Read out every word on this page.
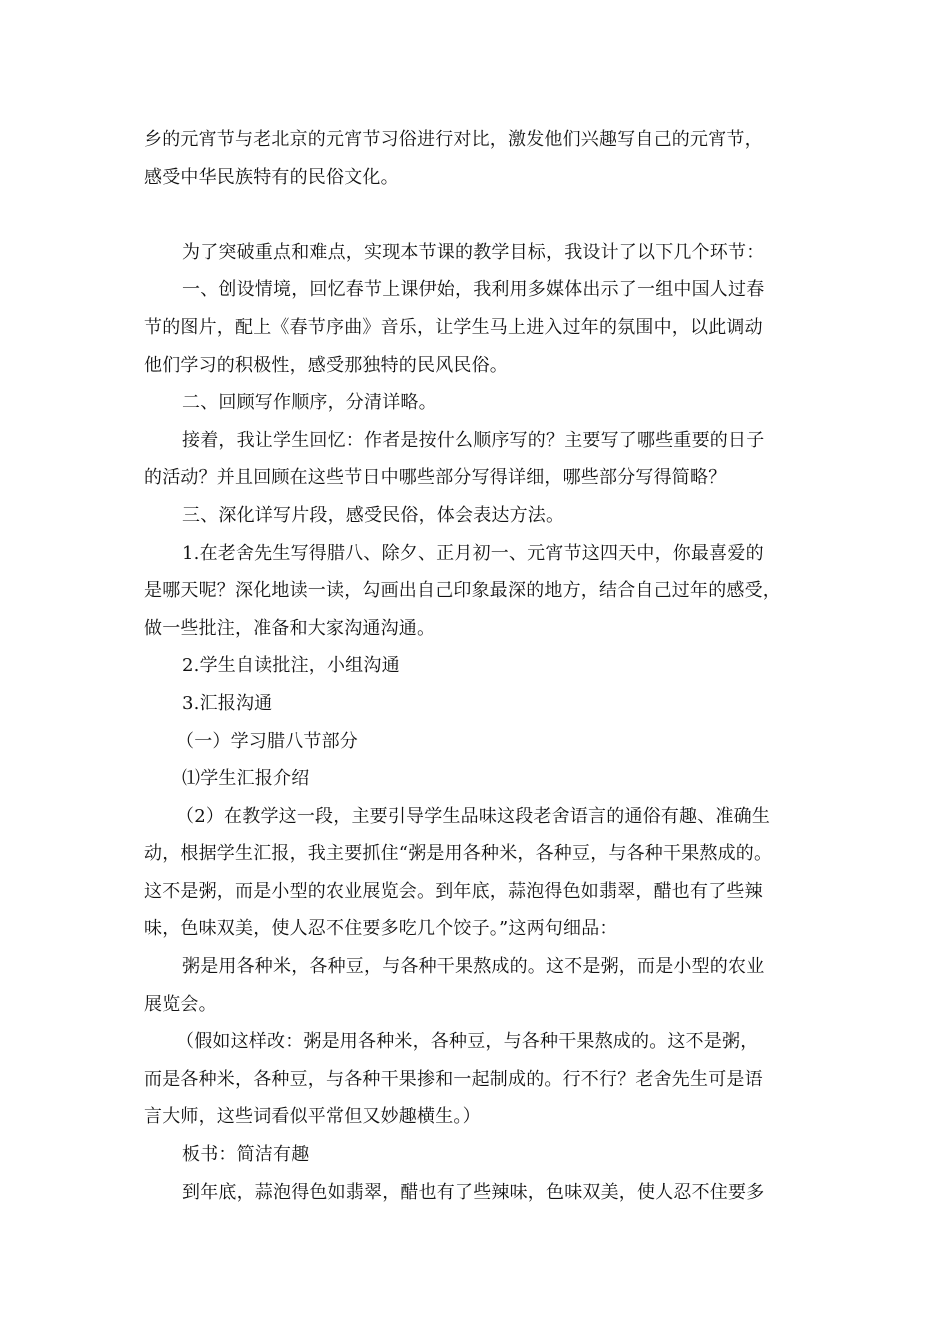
乡的元宵节与老北京的元宵节习俗进行对比，激发他们兴趣写自己的元宵节，
感受中华民族特有的民俗文化。
为了突破重点和难点，实现本节课的教学目标，我设计了以下几个环节：
一、创设情境，回忆春节上课伊始，我利用多媒体出示了一组中国人过春
节的图片，配上《春节序曲》音乐，让学生马上进入过年的氛围中，以此调动
他们学习的积极性，感受那独特的民风民俗。
二、回顾写作顺序，分清详略。
接着，我让学生回忆：作者是按什么顺序写的？主要写了哪些重要的日子
的活动？并且回顾在这些节日中哪些部分写得详细，哪些部分写得简略？
三、深化详写片段，感受民俗，体会表达方法。
1.在老舍先生写得腊八、除夕、正月初一、元宵节这四天中，你最喜爱的
是哪天呢？深化地读一读，勾画出自己印象最深的地方，结合自己过年的感受，
做一些批注，准备和大家沟通沟通。
2.学生自读批注，小组沟通
3.汇报沟通
（一）学习腊八节部分
⑴学生汇报介绍
（2）在教学这一段，主要引导学生品味这段老舍语言的通俗有趣、准确生
动，根据学生汇报，我主要抓住“粥是用各种米，各种豆，与各种干果熬成的。
这不是粥，而是小型的农业展览会。到年底，蒜泡得色如翡翠，醋也有了些辣
味，色味双美，使人忍不住要多吃几个饺子。”这两句细品：
粥是用各种米，各种豆，与各种干果熬成的。这不是粥，而是小型的农业
展览会。
（假如这样改：粥是用各种米，各种豆，与各种干果熬成的。这不是粥，
而是各种米，各种豆，与各种干果掺和一起制成的。行不行？老舍先生可是语
言大师，这些词看似平常但又妙趣横生。）
板书：简洁有趣
到年底，蒜泡得色如翡翠，醋也有了些辣味，色味双美，使人忍不住要多
